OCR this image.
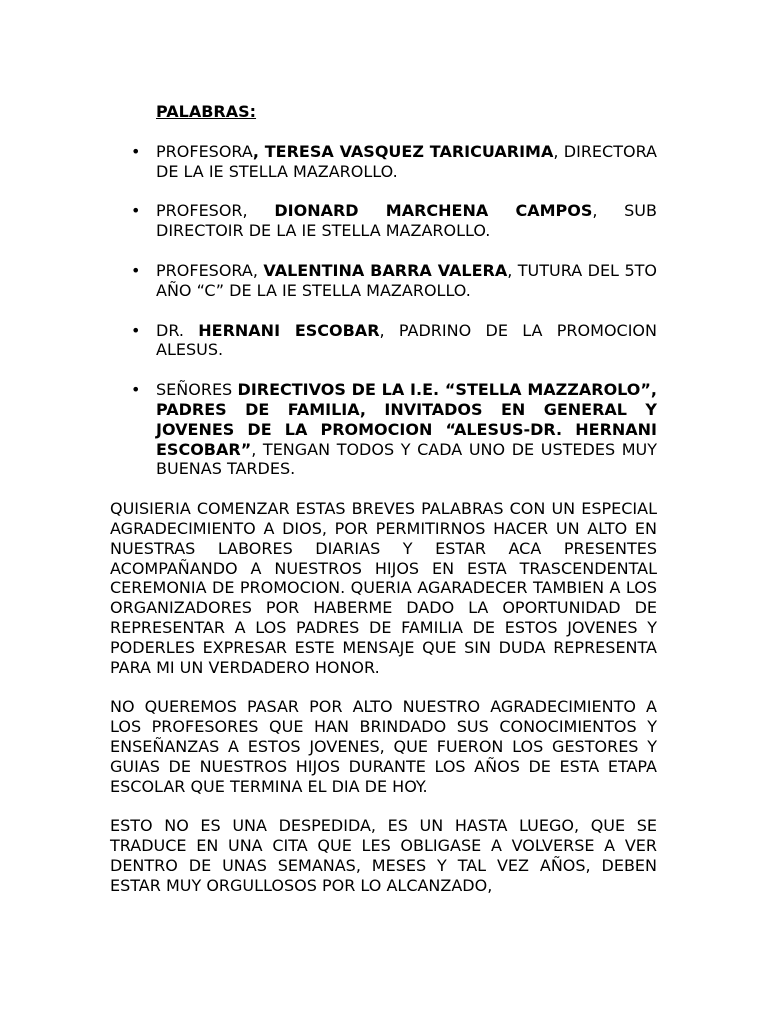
PALABRAS:
• PROFESORA, TERESA VASQUEZ TARICUARIMA, DIRECTORA DE LA IE STELLA MAZAROLLO.
• PROFESOR, DIONARD MARCHENA CAMPOS, SUB DIRECTOIR DE LA IE STELLA MAZAROLLO.
• PROFESORA, VALENTINA BARRA VALERA, TUTURA DEL 5TO AÑO “C” DE LA IE STELLA MAZAROLLO.
• DR. HERNANI ESCOBAR, PADRINO DE LA PROMOCION ALESUS.
• SEÑORES DIRECTIVOS DE LA I.E. “STELLA MAZZAROLO”, PADRES DE FAMILIA, INVITADOS EN GENERAL Y JOVENES DE LA PROMOCION “ALESUS-DR. HERNANI ESCOBAR”, TENGAN TODOS Y CADA UNO DE USTEDES MUY BUENAS TARDES.

QUISIERIA COMENZAR ESTAS BREVES PALABRAS CON UN ESPECIAL AGRADECIMIENTO A DIOS, POR PERMITIRNOS HACER UN ALTO EN NUESTRAS LABORES DIARIAS Y ESTAR ACA PRESENTES ACOMPAÑANDO A NUESTROS HIJOS EN ESTA TRASCENDENTAL CEREMONIA DE PROMOCION. QUERIA AGARADECER TAMBIEN A LOS ORGANIZADORES POR HABERME DADO LA OPORTUNIDAD DE REPRESENTAR A LOS PADRES DE FAMILIA DE ESTOS JOVENES Y PODERLES EXPRESAR ESTE MENSAJE QUE SIN DUDA REPRESENTA PARA MI UN VERDADERO HONOR.

NO QUEREMOS PASAR POR ALTO NUESTRO AGRADECIMIENTO A LOS PROFESORES QUE HAN BRINDADO SUS CONOCIMIENTOS Y ENSEÑANZAS A ESTOS JOVENES, QUE FUERON LOS GESTORES Y GUIAS DE NUESTROS HIJOS DURANTE LOS AÑOS DE ESTA ETAPA ESCOLAR QUE TERMINA EL DIA DE HOY.

ESTO NO ES UNA DESPEDIDA, ES UN HASTA LUEGO, QUE SE TRADUCE EN UNA CITA QUE LES OBLIGASE A VOLVERSE A VER DENTRO DE UNAS SEMANAS, MESES Y TAL VEZ AÑOS, DEBEN ESTAR MUY ORGULLOSOS POR LO ALCANZADO,
